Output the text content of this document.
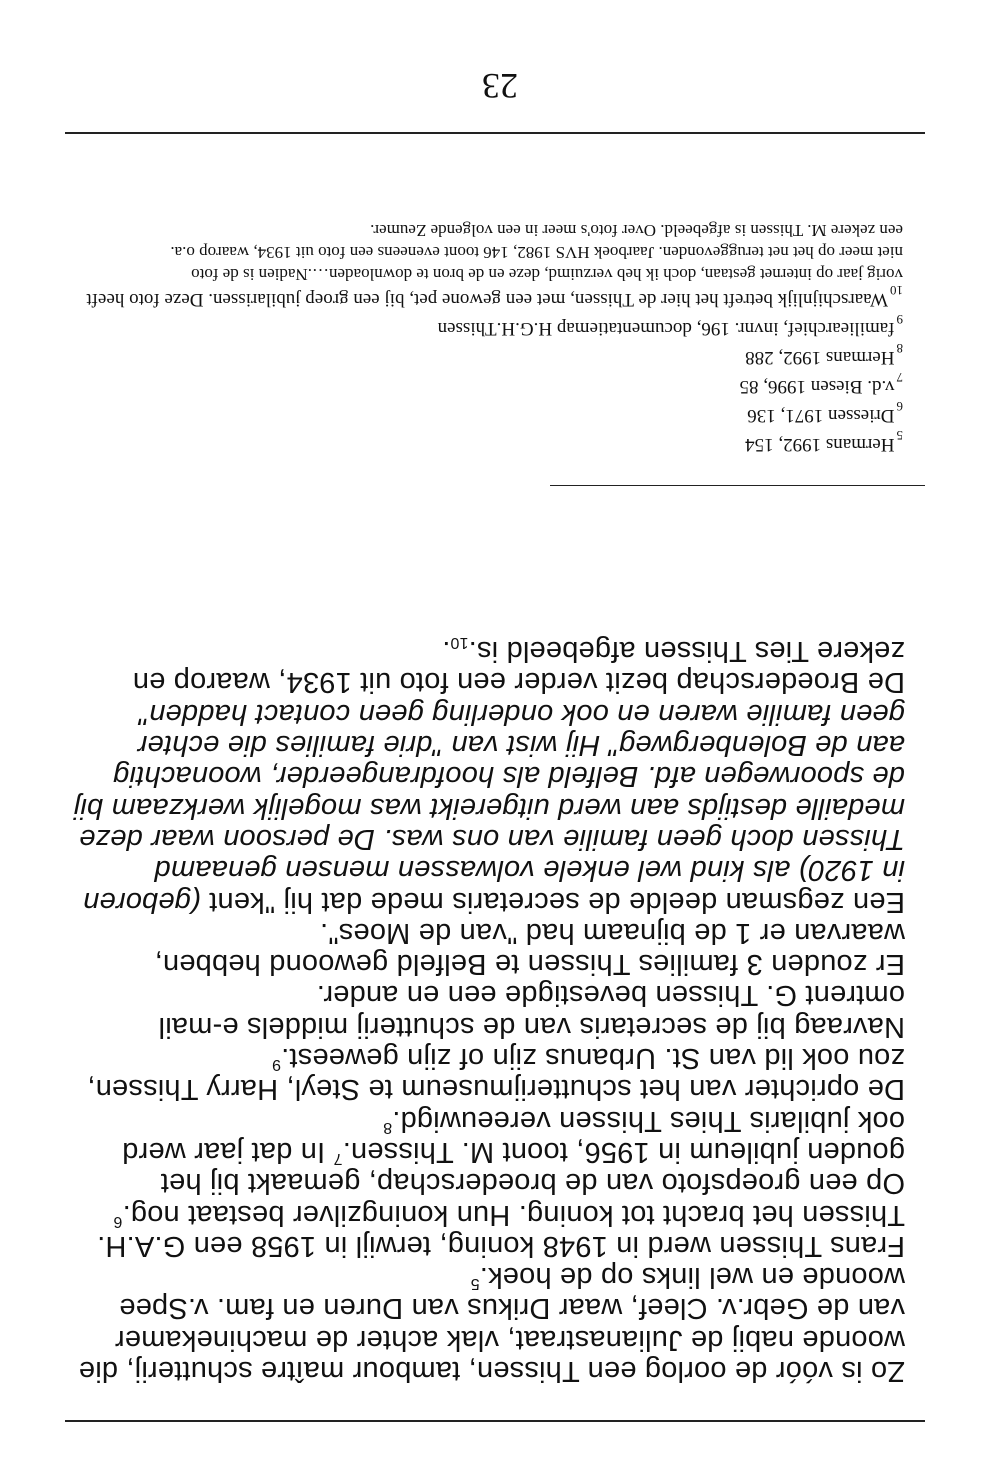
Zo is vóór de oorlog een Thissen, tambour maître schutterij, die woonde nabij de Julianastraat, vlak achter de machinekamer van de Gebr.v. Cleef, waar Drikus van Duren en fam. v.Spee woonde en wel links op de hoek.$^5$

Frans Thissen werd in 1948 koning, terwijl in 1958 een G.A.H. Thissen het bracht tot koning. Hun koningzilver bestaat nog.$^6$

Op een groepsfoto van de broederschap, gemaakt bij het gouden jubileum in 1956, toont M. Thissen.$^7$ In dat jaar werd ook jubilaris Thies Thissen vereeuwigd.$^8$

De oprichter van het schutterijmuseum te Steyl, Harry Thissen, zou ook lid van St. Urbanus zijn of zijn geweest.$^9$

Navraag bij de secretaris van de schutterij middels e-mail omtrent G. Thissen bevestigde een en ander.

Er zouden 3 families Thissen te Belfeld gewoond hebben, waarvan er 1 de bijnaam had "van de Moes".

Een zegsman deelde de secretaris mede dat hij "kent (geboren in 1920) als kind wel enkele volwassen mensen genaamd Thissen doch geen familie van ons was. De persoon waar deze medaille destijds aan werd uitgereikt was mogelijk werkzaam bij de spoorwegen afd. Belfeld als hoofdrangeerder, woonachtig aan de Bolenbergweg" Hij wist van "drie families die echter geen familie waren en ook onderling geen contact hadden"

De Broederschap bezit verder een foto uit 1934, waarop en zekere Ties Thissen afgebeeld $is._{10}$.

$_5$Hermans 1992, 154

$_6$Driessen 1971, 136

$_7$v.d. Biesen 1996, 85

$_8$Hermans 1992, 288

$_9$familiearchief, invnr. 196, documentatiemap H.G.H.Thissen

$_{10}$Waarschijnlijk betreft het hier de Thissen, met een gewone pet, bij een groep jubilarissen. Deze foto heeft
vorig jaar op internet gestaan, doch ik heb verzuimd, deze en de bron te downloaden….Nadien is de foto
niet meer op het net teruggevonden. Jaarboek HVS 1982, 146 toont eveneens een foto uit 1934, waarop o.a.
een zekere M. Thissen is afgebeeld. Over foto's meer in een volgende Zeumer.

23
